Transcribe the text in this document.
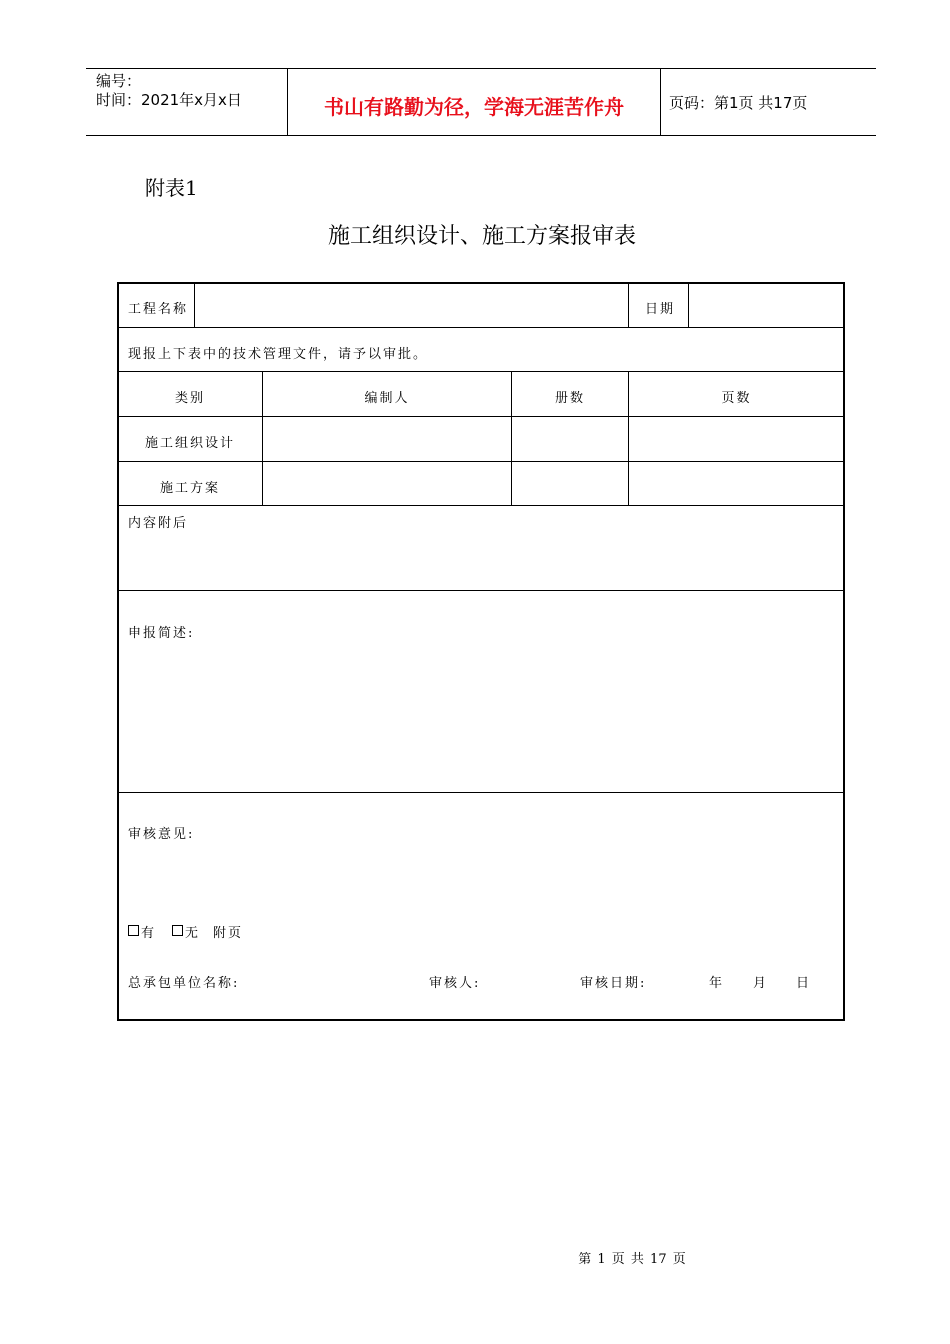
编号：
时间：2021年x月x日	书山有路勤为径，学海无涯苦作舟	页码：第1页 共17页
附表1
施工组织设计、施工方案报审表
工程名称	日期
现报上下表中的技术管理文件，请予以审批。
类别	编制人	册数	页数
施工组织设计
施工方案
内容附后
申报简述:
审核意见:
有 无 附页
总承包单位名称:	审核人:	审核日期:	年 月 日
第 1 页 共 17 页
